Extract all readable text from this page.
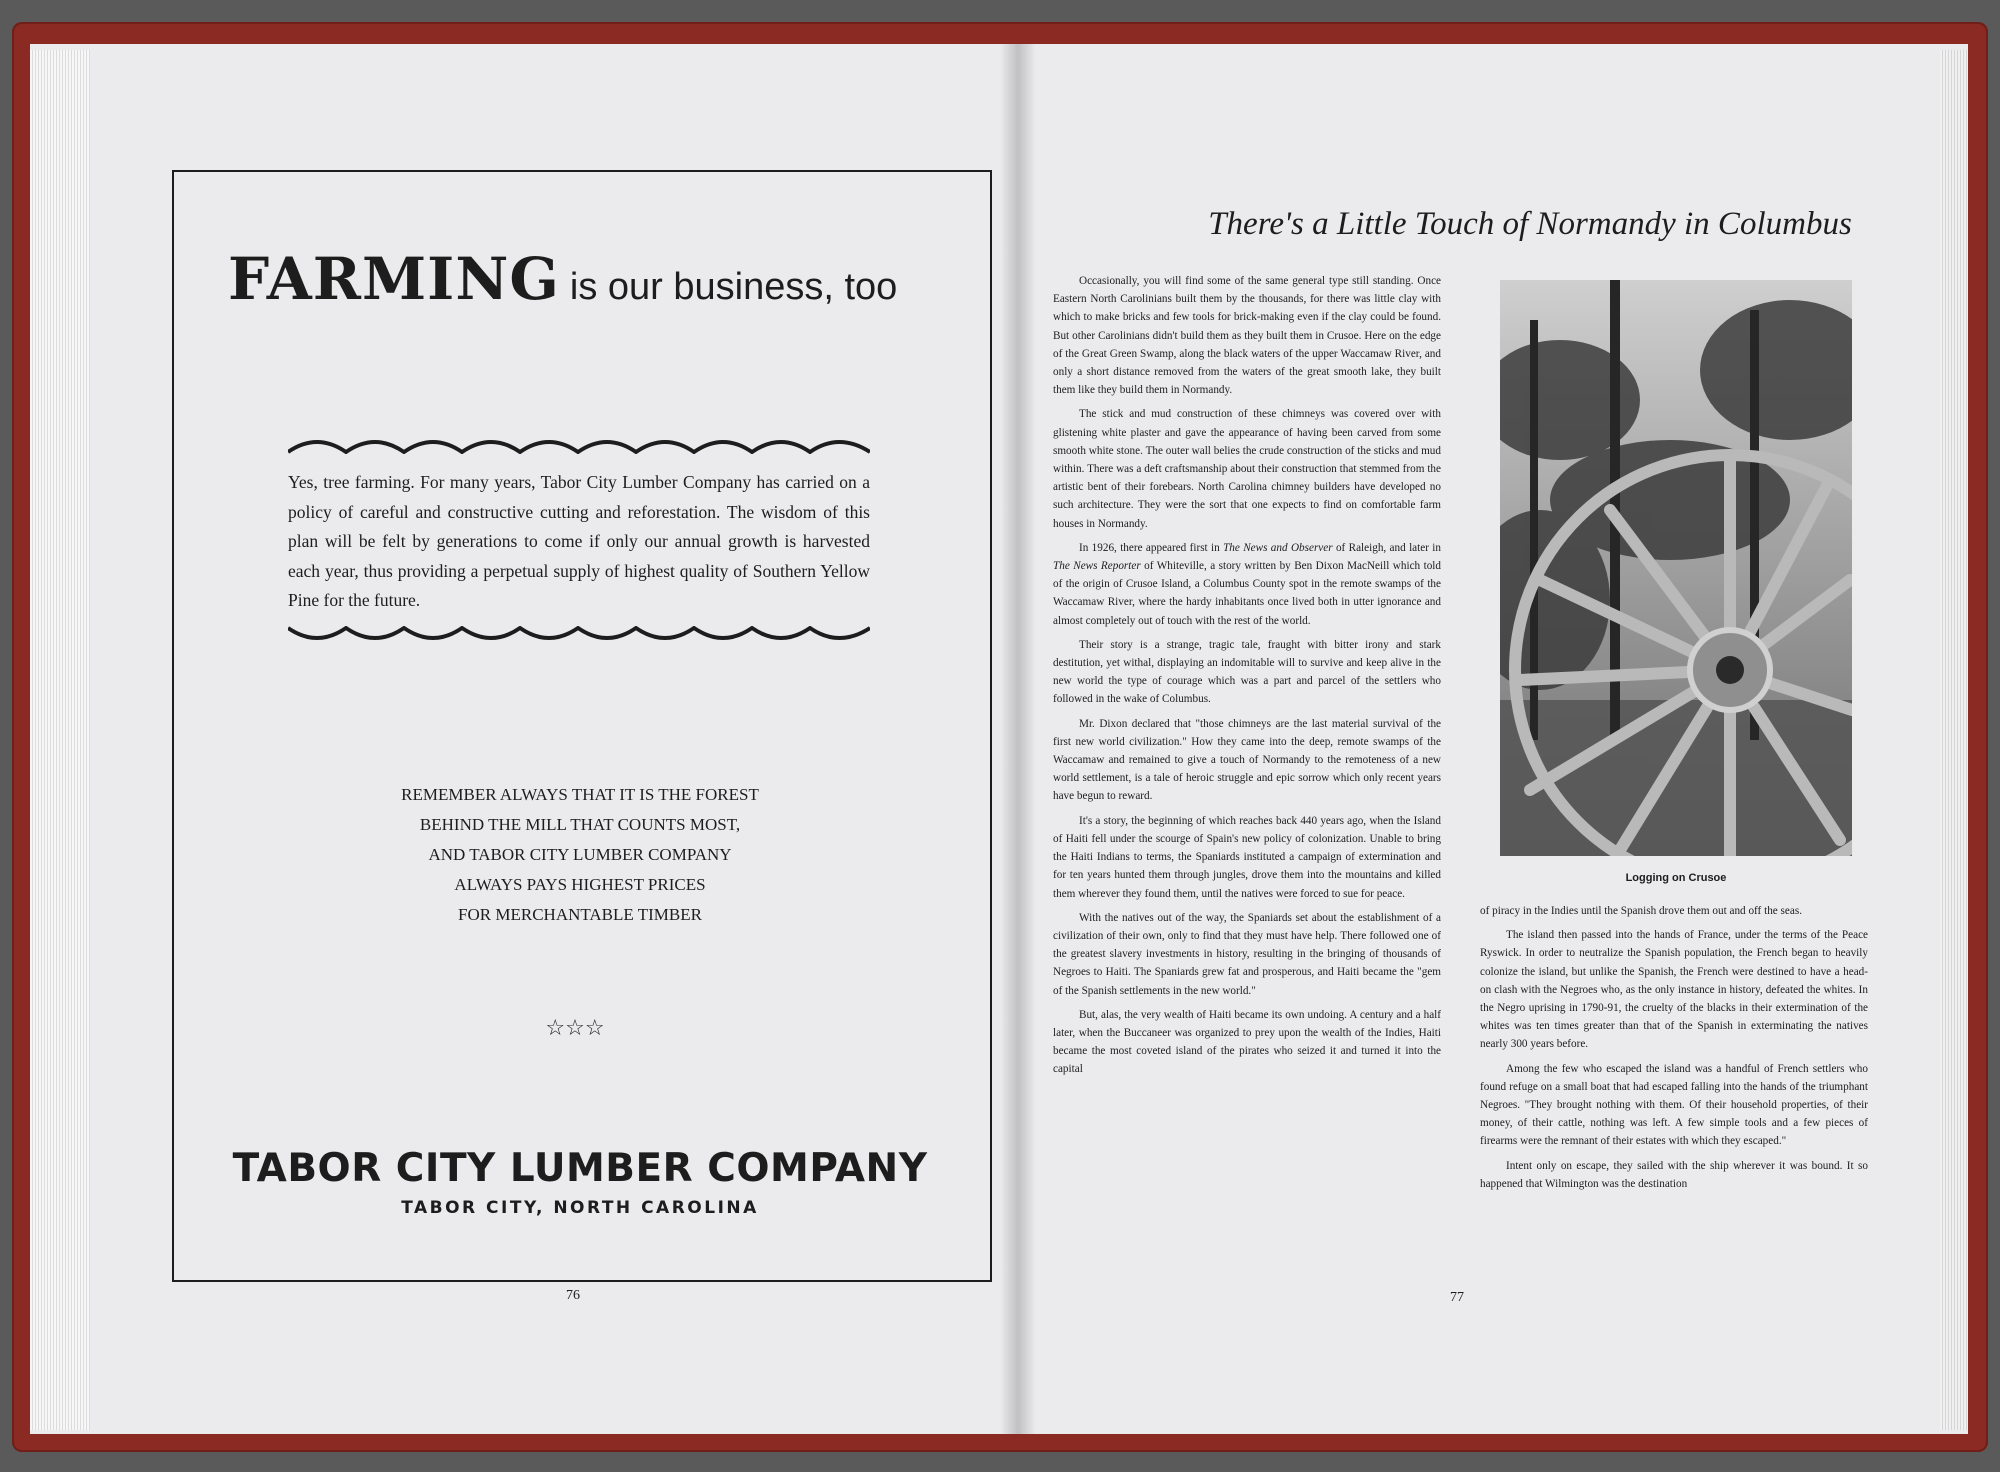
FARMING is our business, too
Yes, tree farming. For many years, Tabor City Lumber Company has carried on a policy of careful and constructive cutting and reforestation. The wisdom of this plan will be felt by generations to come if only our annual growth is harvested each year, thus providing a perpetual supply of highest quality of Southern Yellow Pine for the future.
REMEMBER ALWAYS THAT IT IS THE FOREST
BEHIND THE MILL THAT COUNTS MOST,
AND TABOR CITY LUMBER COMPANY
ALWAYS PAYS HIGHEST PRICES
FOR MERCHANTABLE TIMBER
☆☆☆
TABOR CITY LUMBER COMPANY
TABOR CITY, NORTH CAROLINA
76
There's a Little Touch of Normandy in Columbus

Occasionally, you will find some of the same general type still standing. Once Eastern North Carolinians built them by the thousands, for there was little clay with which to make bricks and few tools for brick-making even if the clay could be found. But other Carolinians didn't build them as they built them in Crusoe. Here on the edge of the Great Green Swamp, along the black waters of the upper Waccamaw River, and only a short distance removed from the waters of the great smooth lake, they built them like they build them in Normandy.

The stick and mud construction of these chimneys was covered over with glistening white plaster and gave the appearance of having been carved from some smooth white stone. The outer wall belies the crude construction of the sticks and mud within. There was a deft craftsmanship about their construction that stemmed from the artistic bent of their forebears. North Carolina chimney builders have developed no such architecture. They were the sort that one expects to find on comfortable farm houses in Normandy.

In 1926, there appeared first in The News and Observer of Raleigh, and later in The News Reporter of Whiteville, a story written by Ben Dixon MacNeill which told of the origin of Crusoe Island, a Columbus County spot in the remote swamps of the Waccamaw River, where the hardy inhabitants once lived both in utter ignorance and almost completely out of touch with the rest of the world.

Their story is a strange, tragic tale, fraught with bitter irony and stark destitution, yet withal, displaying an indomitable will to survive and keep alive in the new world the type of courage which was a part and parcel of the settlers who followed in the wake of Columbus.

Mr. Dixon declared that "those chimneys are the last material survival of the first new world civilization." How they came into the deep, remote swamps of the Waccamaw and remained to give a touch of Normandy to the remoteness of a new world settlement, is a tale of heroic struggle and epic sorrow which only recent years have begun to reward.

It's a story, the beginning of which reaches back 440 years ago, when the Island of Haiti fell under the scourge of Spain's new policy of colonization. Unable to bring the Haiti Indians to terms, the Spaniards instituted a campaign of extermination and for ten years hunted them through jungles, drove them into the mountains and killed them wherever they found them, until the natives were forced to sue for peace.

With the natives out of the way, the Spaniards set about the establishment of a civilization of their own, only to find that they must have help. There followed one of the greatest slavery investments in history, resulting in the bringing of thousands of Negroes to Haiti. The Spaniards grew fat and prosperous, and Haiti became the "gem of the Spanish settlements in the new world."

But, alas, the very wealth of Haiti became its own undoing. A century and a half later, when the Buccaneer was organized to prey upon the wealth of the Indies, Haiti became the most coveted island of the pirates who seized it and turned it into the capital

Logging on Crusoe

of piracy in the Indies until the Spanish drove them out and off the seas.

The island then passed into the hands of France, under the terms of the Peace Ryswick. In order to neutralize the Spanish population, the French began to heavily colonize the island, but unlike the Spanish, the French were destined to have a head-on clash with the Negroes who, as the only instance in history, defeated the whites. In the Negro uprising in 1790-91, the cruelty of the blacks in their extermination of the whites was ten times greater than that of the Spanish in exterminating the natives nearly 300 years before.

Among the few who escaped the island was a handful of French settlers who found refuge on a small boat that had escaped falling into the hands of the triumphant Negroes. "They brought nothing with them. Of their household properties, of their money, of their cattle, nothing was left. A few simple tools and a few pieces of firearms were the remnant of their estates with which they escaped."

Intent only on escape, they sailed with the ship wherever it was bound. It so happened that Wilmington was the destination

77
